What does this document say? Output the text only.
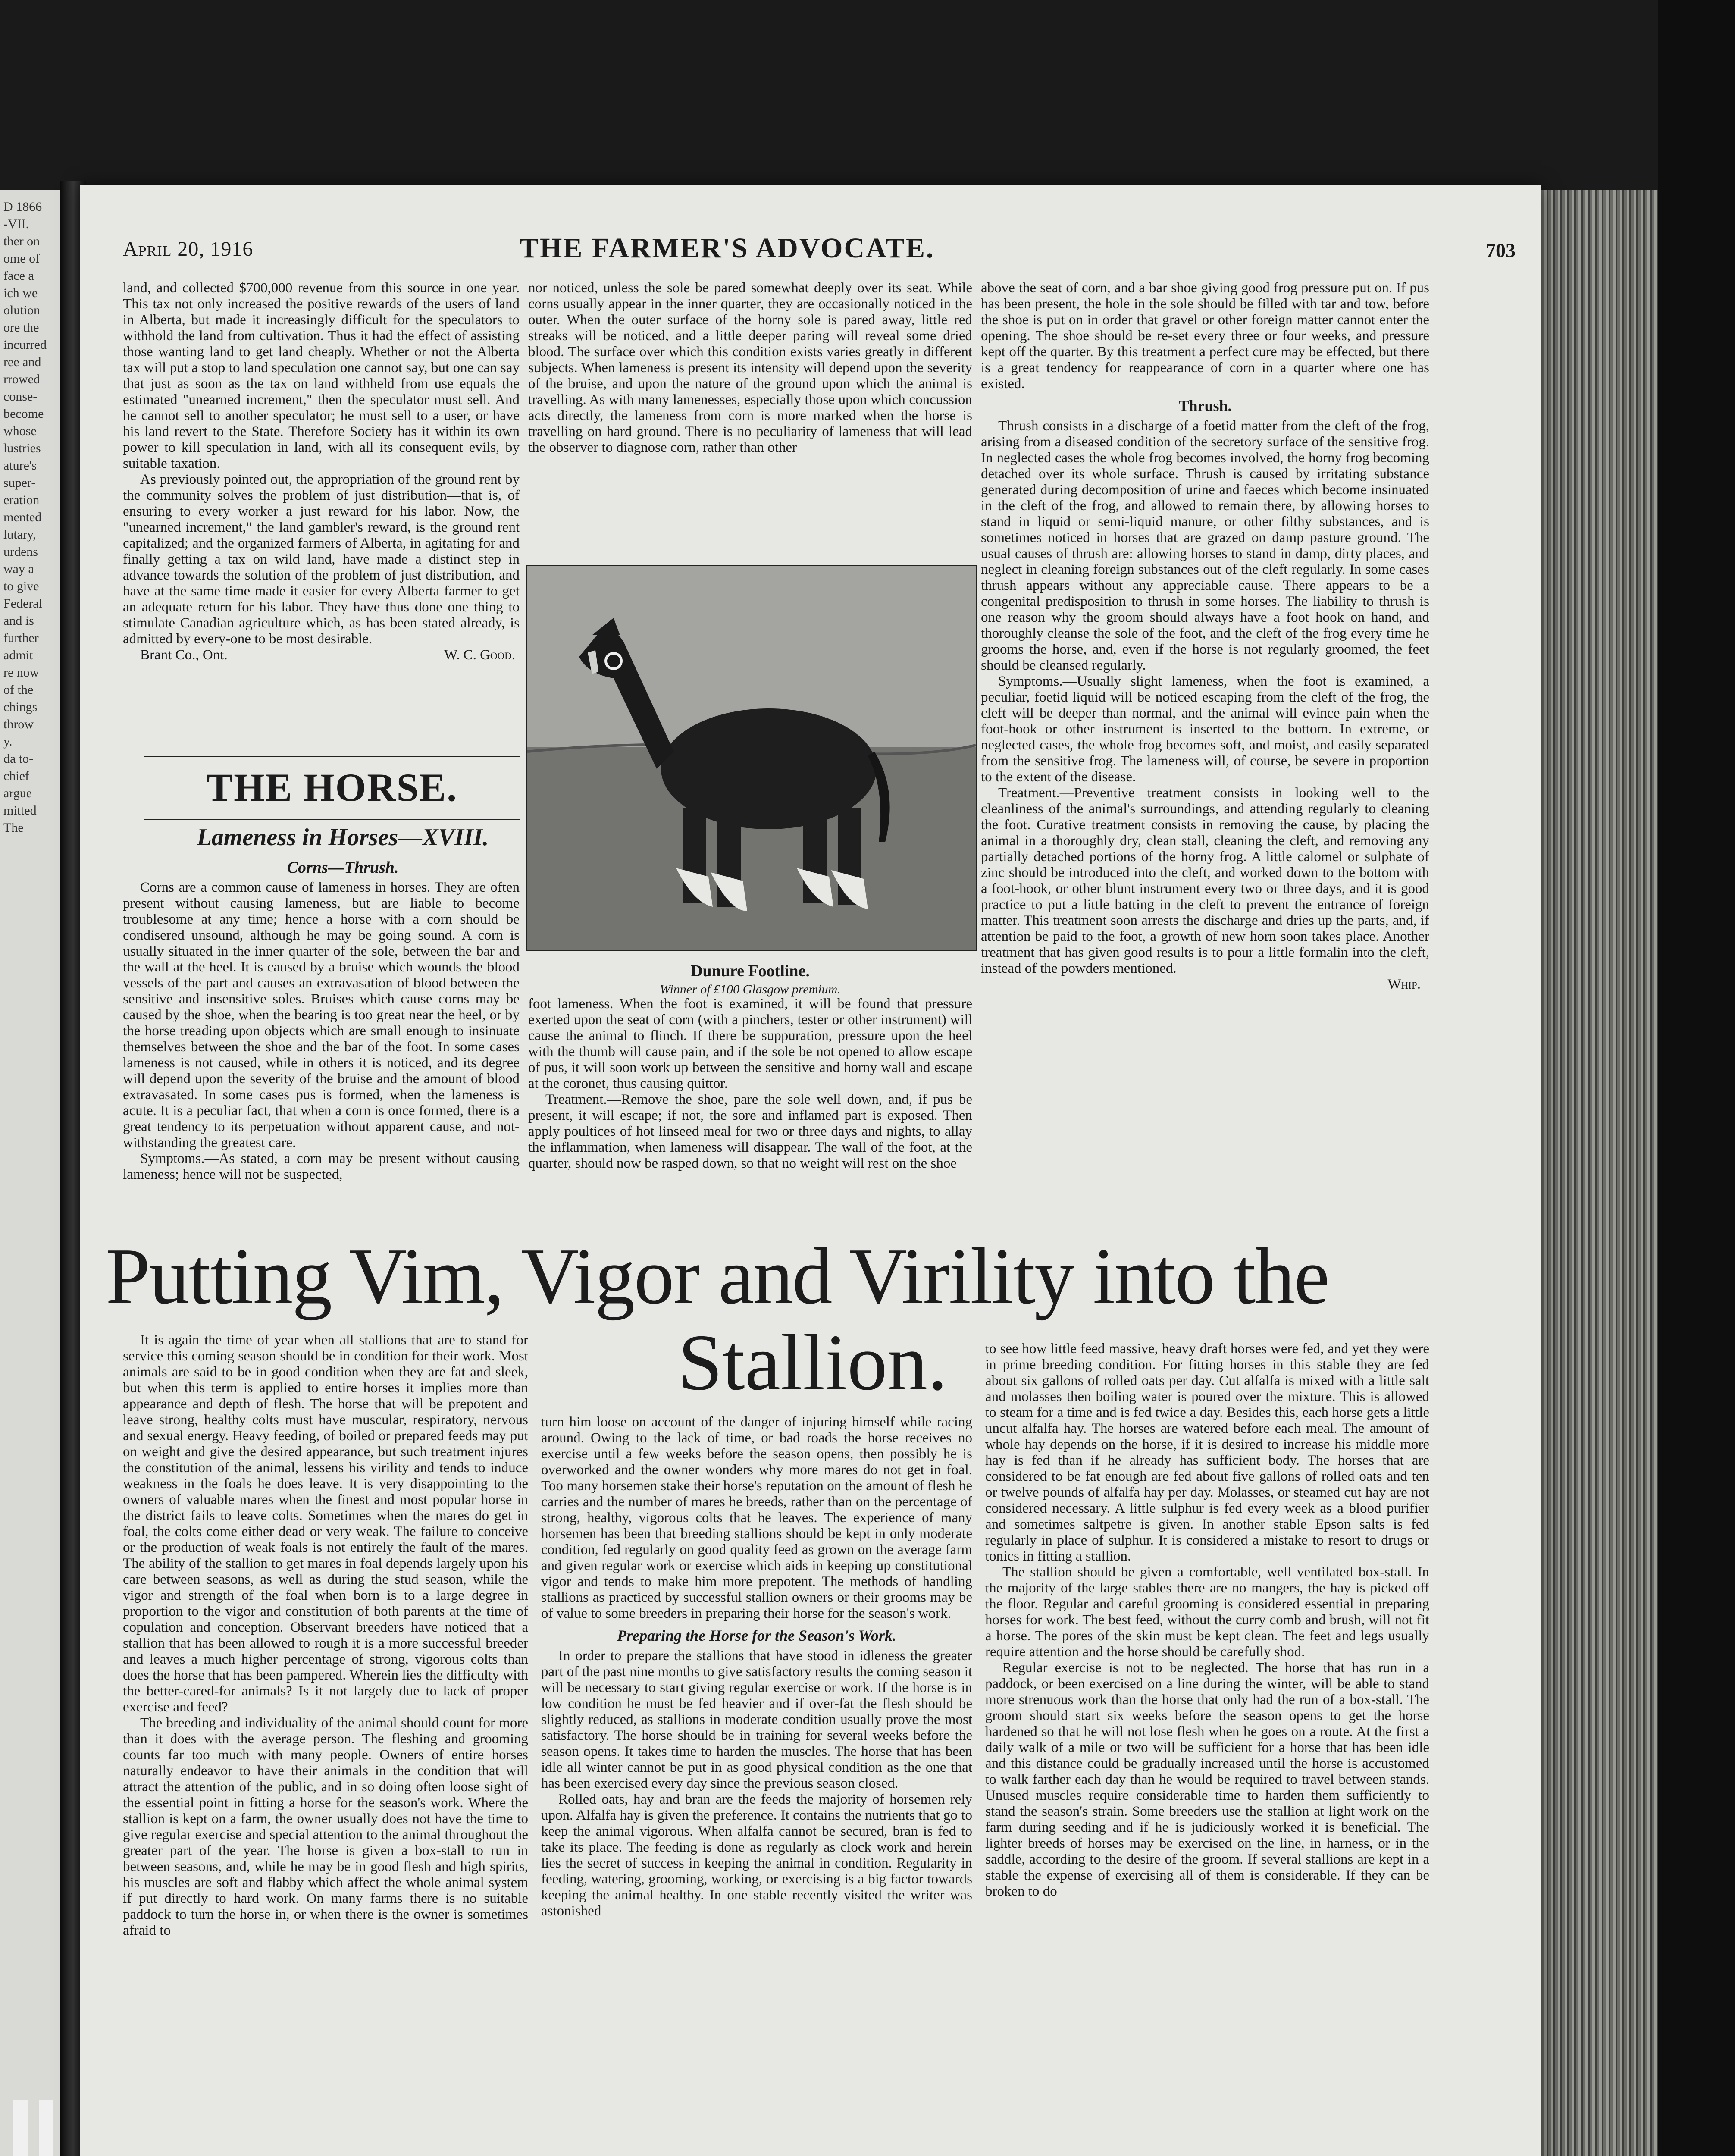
D 1866
-VII.
ther on
ome of
face a
ich we
olution
ore the
incurred
ree and
rrowed
conse-
become
whose
lustries
ature's
super-
eration
mented
lutary,
urdens
way a
to give
Federal
and is
further
admit
re now
of the
chings
throw
y.
da to-
chief
argue
mitted
The
April 20, 1916	THE FARMER'S ADVOCATE.	703

land, and collected $700,000 revenue from this source in one year. This tax not only increased the positive rewards of the users of land in Alberta, but made it increasingly difficult for the speculators to withhold the land from cultivation. Thus it had the effect of assisting those wanting land to get land cheaply. Whether or not the Alberta tax will put a stop to land speculation one cannot say, but one can say that just as soon as the tax on land withheld from use equals the estimated "unearned increment," then the speculator must sell. And he cannot sell to another speculator; he must sell to a user, or have his land revert to the State. Therefore Society has it within its own power to kill speculation in land, with all its consequent evils, by suitable taxation.

As previously pointed out, the appropriation of the ground rent by the community solves the problem of just distribution—that is, of ensuring to every worker a just reward for his labor. Now, the "unearned increment," the land gambler's reward, is the ground rent capitalized; and the organized farmers of Alberta, in agitating for and finally getting a tax on wild land, have made a distinct step in advance towards the solution of the problem of just distribution, and have at the same time made it easier for every Alberta farmer to get an adequate return for his labor. They have thus done one thing to stimulate Canadian agriculture which, as has been stated already, is admitted by every-one to be most desirable.

Brant Co., Ont.	W. C. Good.
THE HORSE.
Lameness in Horses—XVIII.
Corns—Thrush.

Corns are a common cause of lameness in horses. They are often present without causing lameness, but are liable to become troublesome at any time; hence a horse with a corn should be condisered unsound, although he may be going sound. A corn is usually situated in the inner quarter of the sole, between the bar and the wall at the heel. It is caused by a bruise which wounds the blood vessels of the part and causes an extravasation of blood between the sensitive and insensitive soles. Bruises which cause corns may be caused by the shoe, when the bearing is too great near the heel, or by the horse treading upon objects which are small enough to insinuate themselves between the shoe and the bar of the foot. In some cases lameness is not caused, while in others it is noticed, and its degree will depend upon the severity of the bruise and the amount of blood extravasated. In some cases pus is formed, when the lameness is acute. It is a peculiar fact, that when a corn is once formed, there is a great tendency to its perpetuation without apparent cause, and not-withstanding the greatest care.

Symptoms.—As stated, a corn may be present without causing lameness; hence will not be suspected,

nor noticed, unless the sole be pared somewhat deeply over its seat. While corns usually appear in the inner quarter, they are occasionally noticed in the outer. When the outer surface of the horny sole is pared away, little red streaks will be noticed, and a little deeper paring will reveal some dried blood. The surface over which this condition exists varies greatly in different subjects. When lameness is present its intensity will depend upon the severity of the bruise, and upon the nature of the ground upon which the animal is travelling. As with many lamenesses, especially those upon which concussion acts directly, the lameness from corn is more marked when the horse is travelling on hard ground. There is no peculiarity of lameness that will lead the observer to diagnose corn, rather than other

Dunure Footline.
Winner of £100 Glasgow premium.

foot lameness. When the foot is examined, it will be found that pressure exerted upon the seat of corn (with a pinchers, tester or other instrument) will cause the animal to flinch. If there be suppuration, pressure upon the heel with the thumb will cause pain, and if the sole be not opened to allow escape of pus, it will soon work up between the sensitive and horny wall and escape at the coronet, thus causing quittor.

Treatment.—Remove the shoe, pare the sole well down, and, if pus be present, it will escape; if not, the sore and inflamed part is exposed. Then apply poultices of hot linseed meal for two or three days and nights, to allay the inflammation, when lameness will disappear. The wall of the foot, at the quarter, should now be rasped down, so that no weight will rest on the shoe

above the seat of corn, and a bar shoe giving good frog pressure put on. If pus has been present, the hole in the sole should be filled with tar and tow, before the shoe is put on in order that gravel or other foreign matter cannot enter the opening. The shoe should be re-set every three or four weeks, and pressure kept off the quarter. By this treatment a perfect cure may be effected, but there is a great tendency for reappearance of corn in a quarter where one has existed.

Thrush.

Thrush consists in a discharge of a foetid matter from the cleft of the frog, arising from a diseased condition of the secretory surface of the sensitive frog. In neglected cases the whole frog becomes involved, the horny frog becoming detached over its whole surface. Thrush is caused by irritating substance generated during decomposition of urine and faeces which become insinuated in the cleft of the frog, and allowed to remain there, by allowing horses to stand in liquid or semi-liquid manure, or other filthy substances, and is sometimes noticed in horses that are grazed on damp pasture ground. The usual causes of thrush are: allowing horses to stand in damp, dirty places, and neglect in cleaning foreign substances out of the cleft regularly. In some cases thrush appears without any appreciable cause. There appears to be a congenital predisposition to thrush in some horses. The liability to thrush is one reason why the groom should always have a foot hook on hand, and thoroughly cleanse the sole of the foot, and the cleft of the frog every time he grooms the horse, and, even if the horse is not regularly groomed, the feet should be cleansed regularly.

Symptoms.—Usually slight lameness, when the foot is examined, a peculiar, foetid liquid will be noticed escaping from the cleft of the frog, the cleft will be deeper than normal, and the animal will evince pain when the foot-hook or other instrument is inserted to the bottom. In extreme, or neglected cases, the whole frog becomes soft, and moist, and easily separated from the sensitive frog. The lameness will, of course, be severe in proportion to the extent of the disease.

Treatment.—Preventive treatment consists in looking well to the cleanliness of the animal's surroundings, and attending regularly to cleaning the foot. Curative treatment consists in removing the cause, by placing the animal in a thoroughly dry, clean stall, cleaning the cleft, and removing any partially detached portions of the horny frog. A little calomel or sulphate of zinc should be introduced into the cleft, and worked down to the bottom with a foot-hook, or other blunt instrument every two or three days, and it is good practice to put a little batting in the cleft to prevent the entrance of foreign matter. This treatment soon arrests the discharge and dries up the parts, and, if attention be paid to the foot, a growth of new horn soon takes place. Another treatment that has given good results is to pour a little formalin into the cleft, instead of the powders mentioned.

Whip.
Putting Vim, Vigor and Virility into the
Stallion.

It is again the time of year when all stallions that are to stand for service this coming season should be in condition for their work. Most animals are said to be in good condition when they are fat and sleek, but when this term is applied to entire horses it implies more than appearance and depth of flesh. The horse that will be prepotent and leave strong, healthy colts must have muscular, respiratory, nervous and sexual energy. Heavy feeding, of boiled or prepared feeds may put on weight and give the desired appearance, but such treatment injures the constitution of the animal, lessens his virility and tends to induce weakness in the foals he does leave. It is very disappointing to the owners of valuable mares when the finest and most popular horse in the district fails to leave colts. Sometimes when the mares do get in foal, the colts come either dead or very weak. The failure to conceive or the production of weak foals is not entirely the fault of the mares. The ability of the stallion to get mares in foal depends largely upon his care between seasons, as well as during the stud season, while the vigor and strength of the foal when born is to a large degree in proportion to the vigor and constitution of both parents at the time of copulation and conception. Observant breeders have noticed that a stallion that has been allowed to rough it is a more successful breeder and leaves a much higher percentage of strong, vigorous colts than does the horse that has been pampered. Wherein lies the difficulty with the better-cared-for animals? Is it not largely due to lack of proper exercise and feed?

The breeding and individuality of the animal should count for more than it does with the average person. The fleshing and grooming counts far too much with many people. Owners of entire horses naturally endeavor to have their animals in the condition that will attract the attention of the public, and in so doing often loose sight of the essential point in fitting a horse for the season's work. Where the stallion is kept on a farm, the owner usually does not have the time to give regular exercise and special attention to the animal throughout the greater part of the year. The horse is given a box-stall to run in between seasons, and, while he may be in good flesh and high spirits, his muscles are soft and flabby which affect the whole animal system if put directly to hard work. On many farms there is no suitable paddock to turn the horse in, or when there is the owner is sometimes afraid to

turn him loose on account of the danger of injuring himself while racing around. Owing to the lack of time, or bad roads the horse receives no exercise until a few weeks before the season opens, then possibly he is overworked and the owner wonders why more mares do not get in foal. Too many horsemen stake their horse's reputation on the amount of flesh he carries and the number of mares he breeds, rather than on the percentage of strong, healthy, vigorous colts that he leaves. The experience of many horsemen has been that breeding stallions should be kept in only moderate condition, fed regularly on good quality feed as grown on the average farm and given regular work or exercise which aids in keeping up constitutional vigor and tends to make him more prepotent. The methods of handling stallions as practiced by successful stallion owners or their grooms may be of value to some breeders in preparing their horse for the season's work.

Preparing the Horse for the Season's Work.

In order to prepare the stallions that have stood in idleness the greater part of the past nine months to give satisfactory results the coming season it will be necessary to start giving regular exercise or work. If the horse is in low condition he must be fed heavier and if over-fat the flesh should be slightly reduced, as stallions in moderate condition usually prove the most satisfactory. The horse should be in training for several weeks before the season opens. It takes time to harden the muscles. The horse that has been idle all winter cannot be put in as good physical condition as the one that has been exercised every day since the previous season closed.

Rolled oats, hay and bran are the feeds the majority of horsemen rely upon. Alfalfa hay is given the preference. It contains the nutrients that go to keep the animal vigorous. When alfalfa cannot be secured, bran is fed to take its place. The feeding is done as regularly as clock work and herein lies the secret of success in keeping the animal in condition. Regularity in feeding, watering, grooming, working, or exercising is a big factor towards keeping the animal healthy. In one stable recently visited the writer was astonished

to see how little feed massive, heavy draft horses were fed, and yet they were in prime breeding condition. For fitting horses in this stable they are fed about six gallons of rolled oats per day. Cut alfalfa is mixed with a little salt and molasses then boiling water is poured over the mixture. This is allowed to steam for a time and is fed twice a day. Besides this, each horse gets a little uncut alfalfa hay. The horses are watered before each meal. The amount of whole hay depends on the horse, if it is desired to increase his middle more hay is fed than if he already has sufficient body. The horses that are considered to be fat enough are fed about five gallons of rolled oats and ten or twelve pounds of alfalfa hay per day. Molasses, or steamed cut hay are not considered necessary. A little sulphur is fed every week as a blood purifier and sometimes saltpetre is given. In another stable Epson salts is fed regularly in place of sulphur. It is considered a mistake to resort to drugs or tonics in fitting a stallion.

The stallion should be given a comfortable, well ventilated box-stall. In the majority of the large stables there are no mangers, the hay is picked off the floor. Regular and careful grooming is considered essential in preparing horses for work. The best feed, without the curry comb and brush, will not fit a horse. The pores of the skin must be kept clean. The feet and legs usually require attention and the horse should be carefully shod.

Regular exercise is not to be neglected. The horse that has run in a paddock, or been exercised on a line during the winter, will be able to stand more strenuous work than the horse that only had the run of a box-stall. The groom should start six weeks before the season opens to get the horse hardened so that he will not lose flesh when he goes on a route. At the first a daily walk of a mile or two will be sufficient for a horse that has been idle and this distance could be gradually increased until the horse is accustomed to walk farther each day than he would be required to travel between stands. Unused muscles require considerable time to harden them sufficiently to stand the season's strain. Some breeders use the stallion at light work on the farm during seeding and if he is judiciously worked it is beneficial. The lighter breeds of horses may be exercised on the line, in harness, or in the saddle, according to the desire of the groom. If several stallions are kept in a stable the expense of exercising all of them is considerable. If they can be broken to do
